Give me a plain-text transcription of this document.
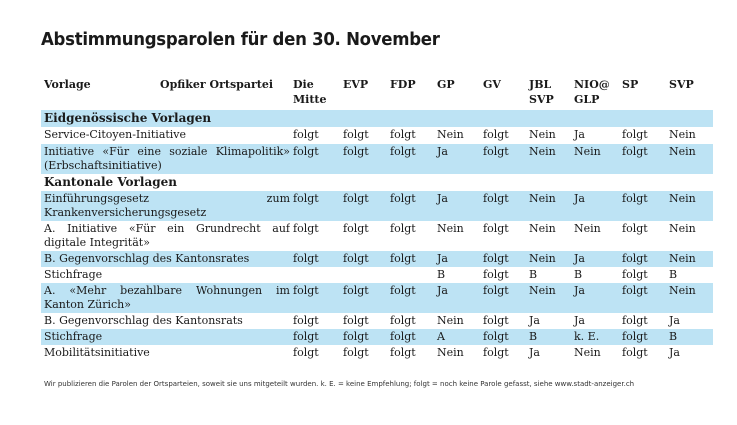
Abstimmungsparolen für den 30. November
Vorlage Opfiker Ortspartei	Die Mitte	EVP	FDP	GP	GV	JBL SVP	NIO@ GLP	SP	SVP
Eidgenössische Vorlagen									
Service-Citoyen-Initiative	folgt	folgt	folgt	Nein	folgt	Nein	Ja	folgt	Nein
Initiative «Für eine soziale Klimapolitik» (Erbschaftsinitiative)	folgt	folgt	folgt	Ja	folgt	Nein	Nein	folgt	Nein
Kantonale Vorlagen									
Einführungsgesetz zum Krankenversicherungsgesetz	folgt	folgt	folgt	Ja	folgt	Nein	Ja	folgt	Nein
A. Initiative «Für ein Grundrecht auf digitale Integrität»	folgt	folgt	folgt	Nein	folgt	Nein	Nein	folgt	Nein
B. Gegenvorschlag des Kantonsrates	folgt	folgt	folgt	Ja	folgt	Nein	Ja	folgt	Nein
Stichfrage				B	folgt	B	B	folgt	B
A. «Mehr bezahlbare Wohnungen im Kanton Zürich»	folgt	folgt	folgt	Ja	folgt	Nein	Ja	folgt	Nein
B. Gegenvorschlag des Kantonsrats	folgt	folgt	folgt	Nein	folgt	Ja	Ja	folgt	Ja
Stichfrage	folgt	folgt	folgt	A	folgt	B	k. E.	folgt	B
Mobilitätsinitiative	folgt	folgt	folgt	Nein	folgt	Ja	Nein	folgt	Ja
Wir publizieren die Parolen der Ortsparteien, soweit sie uns mitgeteilt wurden. k. E. = keine Empfehlung; folgt = noch keine Parole gefasst, siehe www.stadt-anzeiger.ch
